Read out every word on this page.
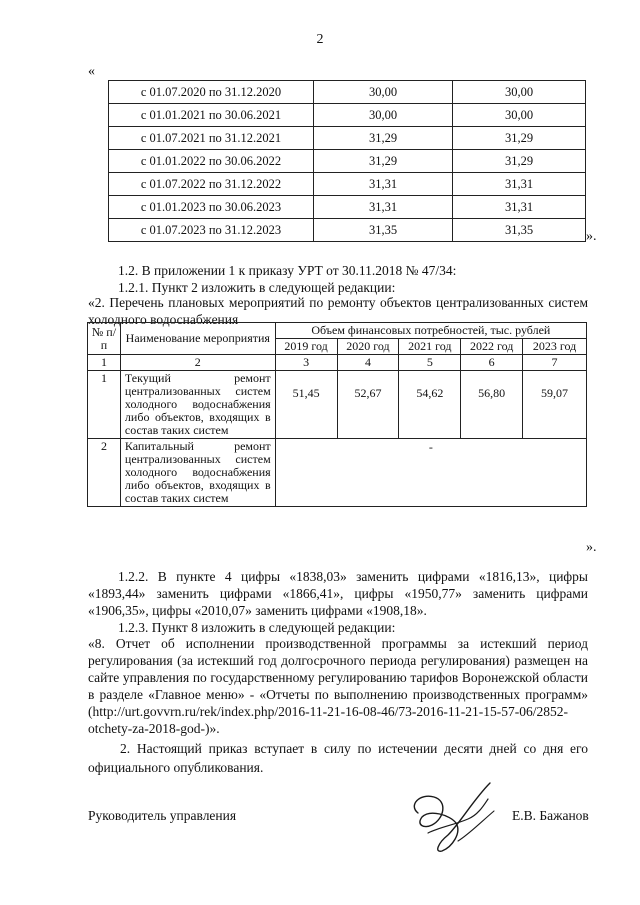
2
«
с 01.07.2020 по 31.12.2020	30,00	30,00
с 01.01.2021 по 30.06.2021	30,00	30,00
с 01.07.2021 по 31.12.2021	31,29	31,29
с 01.01.2022 по 30.06.2022	31,29	31,29
с 01.07.2022 по 31.12.2022	31,31	31,31
с 01.01.2023 по 30.06.2023	31,31	31,31
с 01.07.2023 по 31.12.2023	31,35	31,35	».
1.2. В приложении 1 к приказу УРТ от 30.11.2018 № 47/34:
1.2.1. Пункт 2 изложить в следующей редакции:
«2. Перечень плановых мероприятий по ремонту объектов централизованных систем холодного водоснабжения
№ п/п	Наименование мероприятия	Объем финансовых потребностей, тыс. рублей				
		2019 год	2020 год	2021 год	2022 год	2023 год
1	2	3	4	5	6	7
1	Текущий ремонт централизованных систем холодного водоснабжения либо объектов, входящих в состав таких систем	51,45	52,67	54,62	56,80	59,07
2	Капитальный ремонт централизованных систем холодного водоснабжения либо объектов, входящих в состав таких систем	-				
».
1.2.2. В пункте 4 цифры «1838,03» заменить цифрами «1816,13», цифры «1893,44» заменить цифрами «1866,41», цифры «1950,77» заменить цифрами «1906,35», цифры «2010,07» заменить цифрами «1908,18».
1.2.3. Пункт 8 изложить в следующей редакции:
«8. Отчет об исполнении производственной программы за истекший период регулирования (за истекший год долгосрочного периода регулирования) размещен на сайте управления по государственному регулированию тарифов Воронежской области в разделе «Главное меню» - «Отчеты по выполнению производственных программ» (http://urt.govvrn.ru/rek/index.php/2016-11-21-16-08-46/73-2016-11-21-15-57-06/2852-otchety-za-2018-god-)».
2. Настоящий приказ вступает в силу по истечении десяти дней со дня его официального опубликования.
Руководитель управления	Е.В. Бажанов
